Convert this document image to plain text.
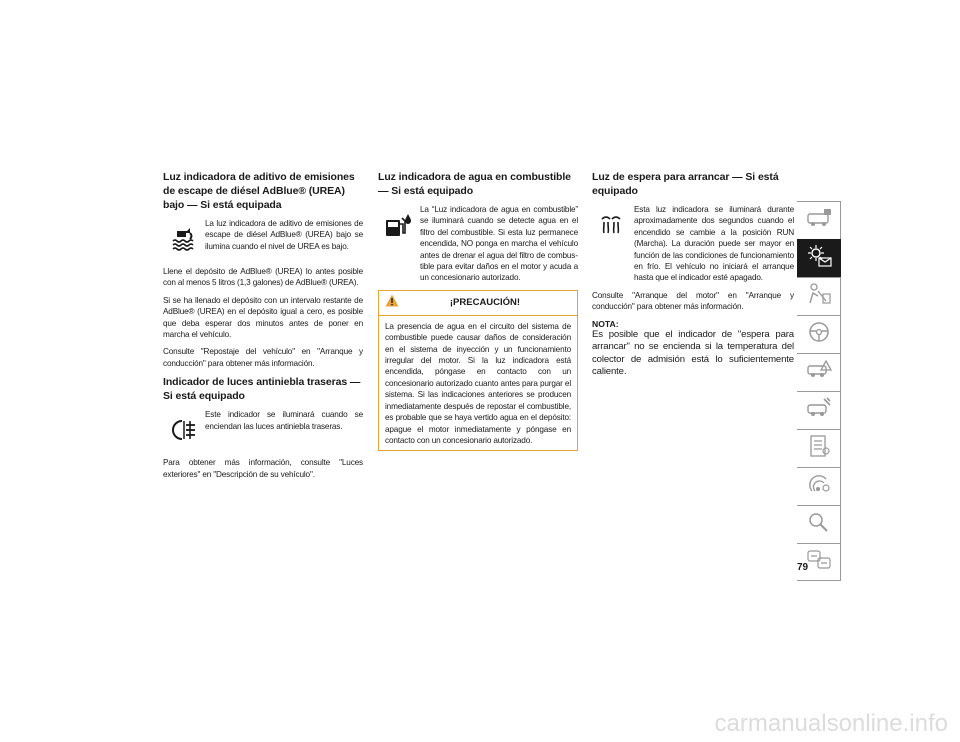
Luz indicadora de aditivo de emisiones de escape de diésel AdBlue® (UREA) bajo — Si está equipada

La luz indicadora de aditivo de emisiones de escape de diésel AdBlue® (UREA) bajo se ilumina cuando el nivel de UREA es bajo.

Llene el depósito de AdBlue® (UREA) lo antes posible con al menos 5 litros (1,3 galones) de AdBlue® (UREA).

Si se ha llenado el depósito con un intervalo restante de AdBlue® (UREA) en el depósito igual a cero, es posible que deba esperar dos minutos antes de poner en marcha el vehículo.

Consulte "Repostaje del vehículo" en "Arranque y conducción" para obtener más información.

Indicador de luces antiniebla traseras — Si está equipado

Este indicador se iluminará cuando se enciendan las luces antiniebla traseras.

Para obtener más información, consulte "Luces exteriores" en "Descripción de su vehículo".

Luz indicadora de agua en combustible — Si está equipado

La “Luz indicadora de agua en combustible” se iluminará cuando se detecte agua en el filtro del combustible. Si esta luz permanece encendida, NO ponga en marcha el vehículo antes de drenar el agua del filtro de combustible para evitar daños en el motor y acuda a un concesionario autorizado.

¡PRECAUCIÓN!

La presencia de agua en el circuito del sistema de combustible puede causar daños de consideración en el sistema de inyección y un funcionamiento irregular del motor. Si la luz indicadora está encendida, póngase en contacto con un concesionario autorizado cuanto antes para purgar el sistema. Si las indicaciones anteriores se producen inmediatamente después de repostar el combustible, es probable que se haya vertido agua en el depósito: apague el motor inmediatamente y póngase en contacto con un concesionario autorizado.

Luz de espera para arrancar — Si está equipado

Esta luz indicadora se iluminará durante aproximadamente dos segundos cuando el encendido se cambie a la posición RUN (Marcha). La duración puede ser mayor en función de las condiciones de funcionamiento en frío. El vehículo no iniciará el arranque hasta que el indicador esté apagado.

Consulte "Arranque del motor" en "Arranque y conducción" para obtener más información.

NOTA:

Es posible que el indicador de "espera para arrancar" no se encienda si la temperatura del colector de admisión está lo suficientemente caliente.

79
carmanualsonline.info
